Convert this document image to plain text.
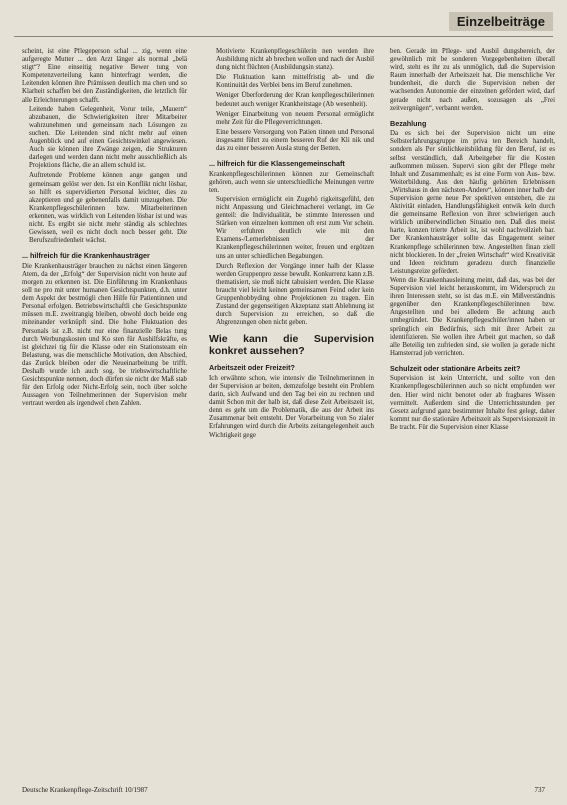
Einzelbeiträge

scheint, ist eine Pflegeperson schal ... zig, wenn eine aufgeregte Mutter ... den Arzt länger als normal „belä stigt“? Eine einseitig negative Bewer tung von Kompetenzverteilung kann hinterfragt werden, die Leitenden können ihre Prämissen deutlich ma chen und so Klarheit schaffen bei den Zuständigkeiten, die letztlich für alle Erleichterungen schafft.

• Leitende haben Gelegenheit, Vorur teile, „Mauern“ abzubauen, die Schwierigkeiten ihrer Mitarbeiter wahrzunehmen und gemeinsam nach Lösungen zu suchen. Die Leitenden sind nicht mehr auf einen Augenblick und auf einen Gesichtswinkel angewiesen. Auch sie können ihre Zwänge zeigen, die Strukturen darlegen und werden dann nicht mehr ausschließlich als Projektions fläche, die an allem schuld ist.
• Auftretende Probleme können ange gangen und gemeinsam gelöst wer den. Ist ein Konflikt nicht lösbar, so hilft es supervidierten Personal leichter, dies zu akzeptieren und ge gebenenfalls damit umzugehen. Die Krankenpflegeschülerinnen bzw. Mitarbeiterinnen erkennen, was wirklich von Leitenden lösbar ist und was nicht. Es ergibt sie nicht mehr ständig als schlechtes Gewissen, weil es nicht doch noch besser geht. Die Berufszufriedenheit wächst.
... hilfreich für die Krankenhausträger

Die Krankenhausträger brauchen zu nächst einen längeren Atem, da der „Erfolg“ der Supervision nicht von heute auf morgen zu erkennen ist. Die Einführung im Krankenhaus soll ne pro mit unter humanen Gesichtspunkten, d.h. unter dem Aspekt der bestmögli chen Hilfe für Patientinnen und Personal erfolgen. Betriebswirtschaftli che Gesichtspunkte müssen m.E. zweitrangig bleiben, obwohl doch beide eng miteinander verknüpft sind. Die hohe Fluktuation des Personals ist z.B. nicht nur eine finanzielle Belas tung durch Werbungskosten und Ko sten für Aushilfskräfte, es ist gleichzei tig für die Klasse oder ein Stationsteam ein Belastung, was die menschliche Motivation, den Abschied, das Zurück bleiben oder die Neueinarbeitung be trifft. Deshalb wurde ich auch sog. be triebswirtschaftliche Gesichtspunkte nennen, doch dürfen sie nicht der Maß stab für den Erfolg oder Nicht-Erfolg sein, noch über solche Aussagen von Teilnehmerinnen der Supervision mehr vertraut werden als irgendwel chen Zahlen.

• Motivierte Krankenpflegeschülerin nen werden ihre Ausbildung nicht ab brechen wollen und nach der Ausbil dung nicht flüchten (Ausbildungsin stanz).
• Die Fluktuation kann mittelfristig ab- und die Kontinuität des Verblei bens im Beruf zunehmen.
• Weniger Überforderung der Kran kenpflegeschülerinnen bedeutet auch weniger Krankheitstage (Ab wesenheit).
• Weniger Einarbeitung von neuem Personal ermöglicht mehr Zeit für die Pflegeverrichtungen.
• Eine bessere Versorgung von Patien tinnen und Personal insgesamt führt zu einem besseren Ruf der Kli nik und das zu einer besseren Ausla stung der Betten.
... hilfreich für die Klassengemeinschaft

Krankenpflegeschülerinnen können zur Gemeinschaft gehören, auch wenn sie unterschiedliche Meinungen vertre ten.

• Supervision ermöglicht ein Zugehö rigkeitsgefühl, den nicht Anpassung und Gleichmacherei verlangt, im Ge genteil: die Individualität, be stimmte Interessen und Stärken von einzelnen kommen oft erst zum Vor schein. Wir erfuhren deutlich wie mit den Examens-/Lernerlebnissen der Krankenpflegeschülerinnen weiter, freuen und ergötzen uns an unter schiedlichen Begabungen.
• Durch Reflexion der Vorgänge inner halb der Klasse werden Gruppenpro zesse bewußt. Konkurrenz kann z.B. thematisiert, sie muß nicht tabuisiert werden. Die Klasse braucht viel leicht keinen gemeinsamen Feind oder kein Gruppenhobbyding ohne Projektionen zu tragen. Ein Zustand der gegenseitigen Akzeptanz statt Ablehnung ist durch Supervision zu erreichen, so daß die Abgrenzungen oben nicht geben.
Wie kann die Supervision konkret aussehen?
Arbeitszeit oder Freizeit?

Ich erwähnte schon, wie intensiv die Teilnehmerinnen in der Supervision ar beiten, demzufolge besteht ein Problem darin, sich Aufwand und den Tag bei ein zu rechnen und damit Schon mit der halb ist, daß diese Zeit Arbeitszeit ist, denn es geht um die Problematik, die aus der Arbeit ins Zusammenar beit entsteht. Der Vorarbeitung von So zialer Erfahrungen wird durch die Arbeits zeitangelegenheit auch Wichtigkeit gege

ben. Gerade im Pflege- und Ausbil dungsbereich, der gewöhnlich mit be sonderen Vorgegebenheiten überall wird, steht es ihr zu als unmöglich, daß die Supervision Raum innerhalb der Arbeitszeit hat. Die menschliche Ver bundenheit, die durch die Supervision neben der wachsenden Autonomie der einzelnen gefördert wird, darf gerade nicht nach außen, sozusagen als „Frei zeitvergnügen“, verbannt werden.

Bezahlung

Da es sich bei der Supervision nicht um eine Selbsterfahrungsgruppe im priva ten Bereich handelt, sondern als Per sönlichkeitsbildung für den Beruf, ist es selbst verständlich, daß Arbeitgeber für die Kosten aufkommen müssen. Supervi sion gibt der Pflege mehr Inhalt und Zusammenhalt; es ist eine Form von Aus- bzw. Weiterbildung. Aus den häufig gehörten Erlebnissen „Wirtshaus in den nächsten-Andere“, können inner halb der Supervision gerne neue Per spektiven entstehen, die zu Aktivität einladen, Handlungsfähigkeit entwik keln durch die gemeinsame Reflexion von ihrer schwierigen auch wirklich unüberwindlichen Situatio nen. Daß dies meist harte, konzen trierte Arbeit ist, ist wohl nachvollzieh bar. Der Krankenhausträger sollte das Engagement seiner Krankenpflege schülerinnen bzw. Angestellten finan ziell nicht blockieren. In der „freien Wirtschaft“ wird Kreativität und Ideen reichtum geradezu durch finanzielle Leistungsreize gefördert.

Wenn die Krankenhausleitung meint, daß das, was bei der Supervision viel leicht herauskommt, im Widerspruch zu ihren Interessen steht, so ist das m.E. ein Mißverständnis gegenüber den Krankenpflegeschülerinnen bzw. Angestellten und bei alledem Be achtung auch umbegründet. Die Krankenpflegeschüler/innen haben ur sprünglich ein Bedürfnis, sich mit ihrer Arbeit zu identifizieren. Sie wollen ihre Arbeit gut machen, so daß alle Beteilig ten zufrieden sind, sie wollen ja gerade nicht Hamsterrad job verrichten.

Schulzeit oder stationäre Arbeits zeit?

Supervision ist kein Unterricht, und sollte von den Krankenpflegeschülerinnen auch so nicht empfunden wer den. Hier wird nicht benotet oder ab fragbares Wissen vermittelt. Außerdem sind die Unterrichtsstunden per Gesetz aufgrund ganz bestimmter Inhalte fest gelegt, daher kommt nur die stationäre Arbeitszeit als Supervisionszeit in Be tracht. Für die Supervision einer Klasse

Deutsche Krankenpflege-Zeitschrift 10/1987	737
